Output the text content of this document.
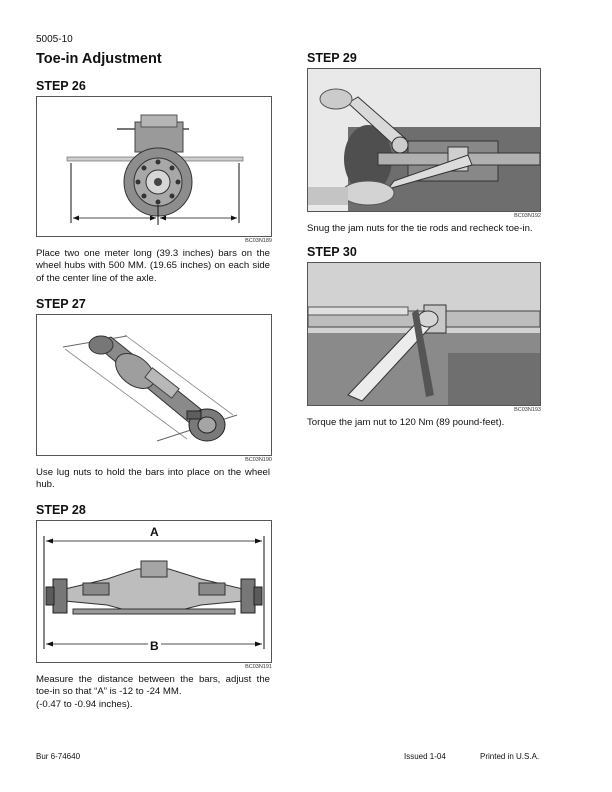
5005-10
Toe-in Adjustment
STEP 26
BC03N189
Place two one meter long (39.3 inches) bars on the wheel hubs with 500 MM. (19.65 inches) on each side of the center line of the axle.
STEP 27
BC03N190
Use lug nuts to hold the bars into place on the wheel hub.
STEP 28
A
B
BC03N191
Measure the distance between the bars, adjust the toe-in so that “A” is -12 to -24 MM.
(-0.47 to -0.94 inches).
STEP 29
BC03N192
Snug the jam nuts for the tie rods and recheck toe-in.
STEP 30
BC03N193
Torque the jam nut to 120 Nm (89 pound-feet).
Bur 6-74640	Issued 1-04	Printed in U.S.A.
